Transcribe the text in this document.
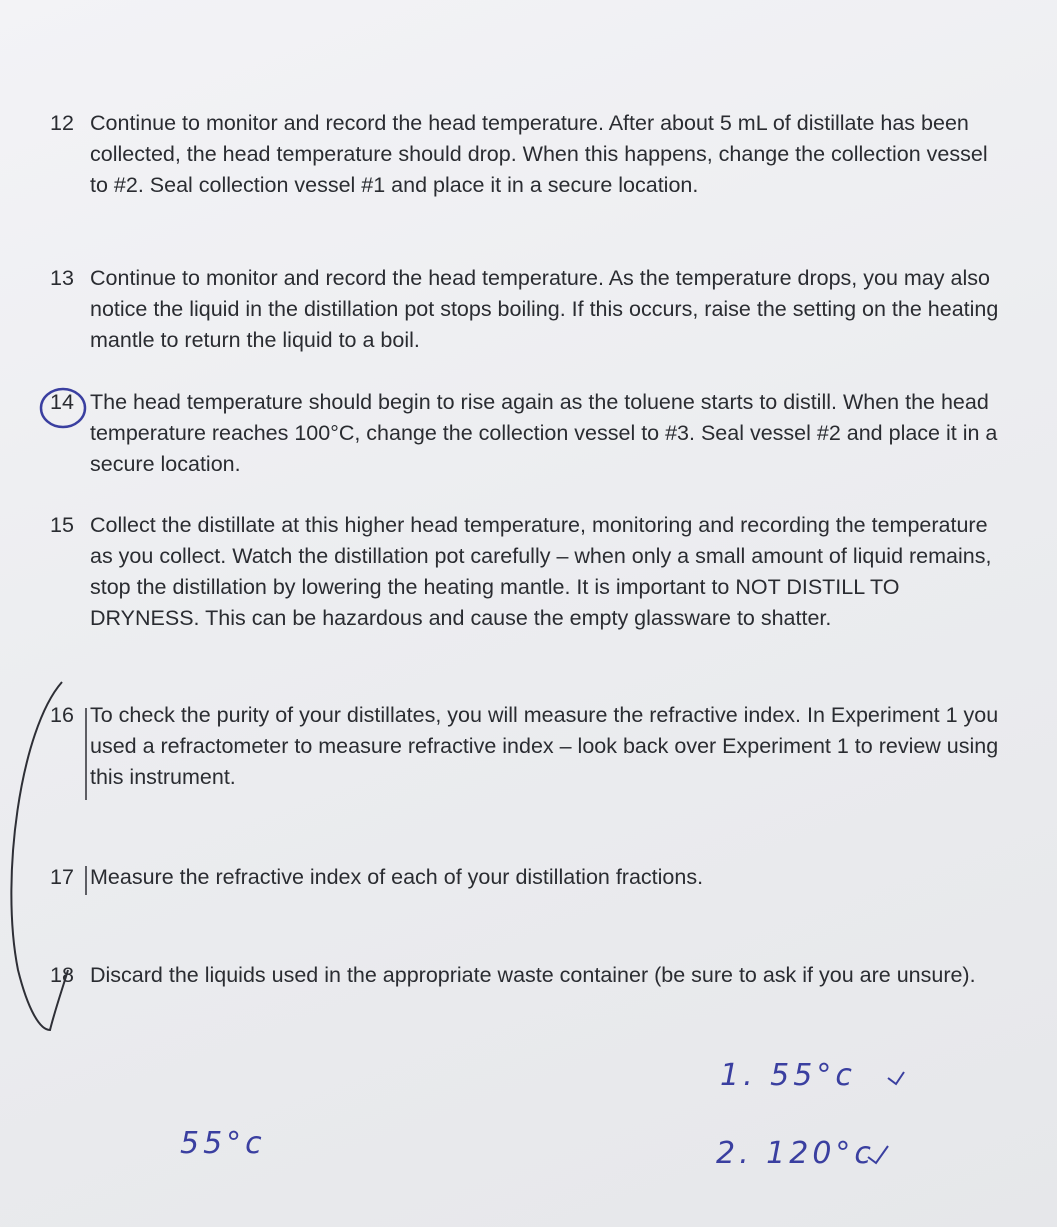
12 Continue to monitor and record the head temperature. After about 5 mL of distillate has been collected, the head temperature should drop. When this happens, change the collection vessel to #2. Seal collection vessel #1 and place it in a secure location.
13 Continue to monitor and record the head temperature. As the temperature drops, you may also notice the liquid in the distillation pot stops boiling. If this occurs, raise the setting on the heating mantle to return the liquid to a boil.
14 The head temperature should begin to rise again as the toluene starts to distill. When the head temperature reaches 100°C, change the collection vessel to #3. Seal vessel #2 and place it in a secure location.
15 Collect the distillate at this higher head temperature, monitoring and recording the temperature as you collect. Watch the distillation pot carefully – when only a small amount of liquid remains, stop the distillation by lowering the heating mantle. It is important to NOT DISTILL TO DRYNESS. This can be hazardous and cause the empty glassware to shatter.
16 To check the purity of your distillates, you will measure the refractive index. In Experiment 1 you used a refractometer to measure refractive index – look back over Experiment 1 to review using this instrument.
17 Measure the refractive index of each of your distillation fractions.
18 Discard the liquids used in the appropriate waste container (be sure to ask if you are unsure).
55°c
1. 55°c
2. 120°c
